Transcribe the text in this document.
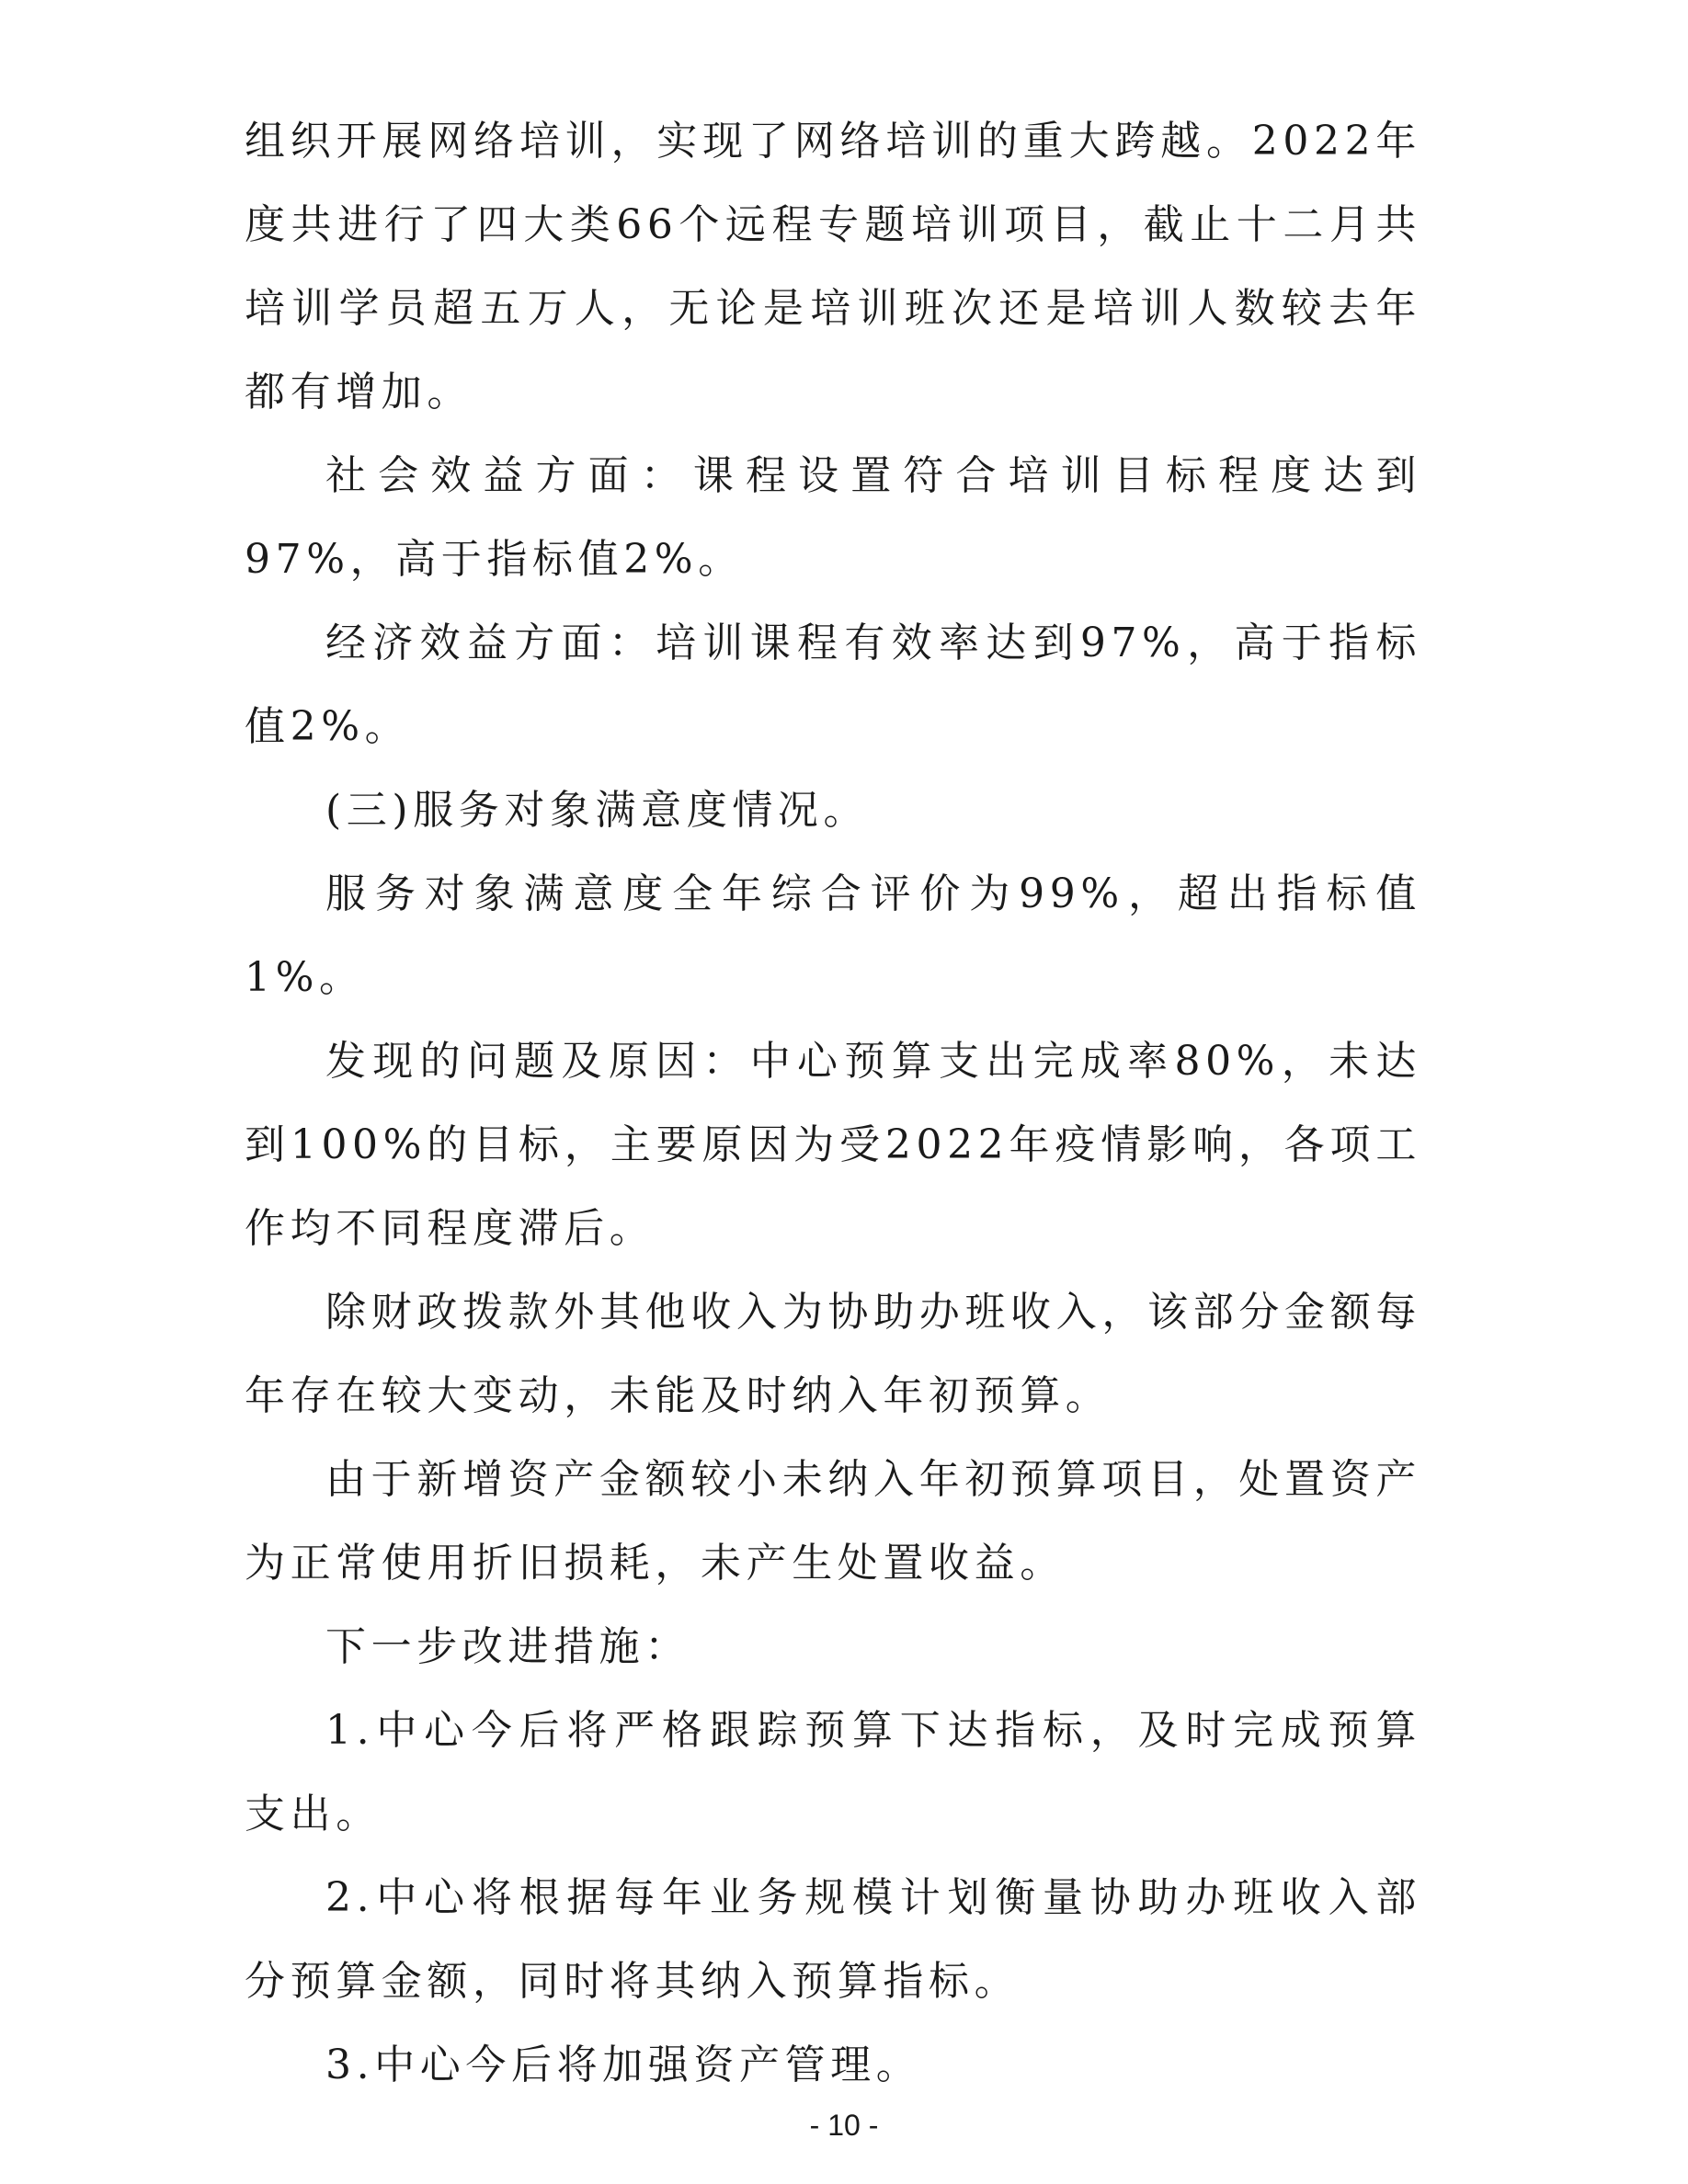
组织开展网络培训，实现了网络培训的重大跨越。2022年度共进行了四大类66个远程专题培训项目，截止十二月共培训学员超五万人，无论是培训班次还是培训人数较去年都有增加。

社会效益方面：课程设置符合培训目标程度达到97%，高于指标值2%。

经济效益方面：培训课程有效率达到97%，高于指标值2%。

(三)服务对象满意度情况。

服务对象满意度全年综合评价为99%，超出指标值1%。

发现的问题及原因：中心预算支出完成率80%，未达到100%的目标，主要原因为受2022年疫情影响，各项工作均不同程度滞后。

除财政拨款外其他收入为协助办班收入，该部分金额每年存在较大变动，未能及时纳入年初预算。

由于新增资产金额较小未纳入年初预算项目，处置资产为正常使用折旧损耗，未产生处置收益。

下一步改进措施：

1.中心今后将严格跟踪预算下达指标，及时完成预算支出。

2.中心将根据每年业务规模计划衡量协助办班收入部分预算金额，同时将其纳入预算指标。

3.中心今后将加强资产管理。

- 10 -
